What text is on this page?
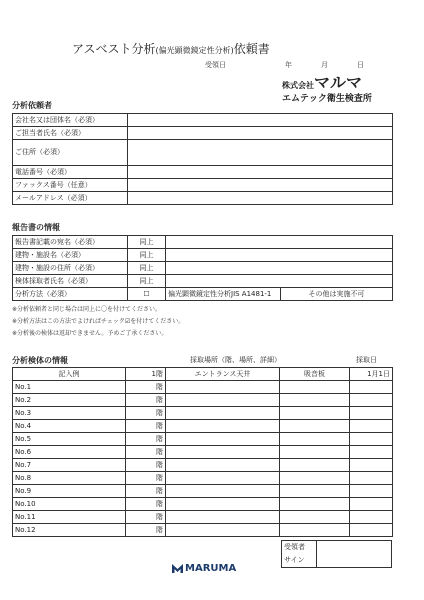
アスベスト分析(偏光顕微鏡定性分析)依頼書
受領日	年	月	日
株式会社マルマ
エムテック衛生検査所
分析依頼者
会社名又は団体名（必須）	
ご担当者氏名（必須）	
ご住所（必須）	
電話番号（必須）	
ファックス番号（任意）	
メールアドレス（必須）	
報告書の情報
報告書記載の宛名（必須）	同上		
建物・施設名（必須）	同上		
建物・施設の住所（必須）	同上		
検体採取者氏名（必須）	同上		
分析方法（必須）	☐	偏光顕微鏡定性分析JIS A1481-1	その他は実施不可
※分析依頼者と同じ場合は同上に〇を付けてください。
※分析方法はこの方法でよければチェック☑を付けてください。
※分析後の検体は返却できません。予めご了承ください。
分析検体の情報	採取場所（階、場所、詳細）	採取日
記入例	1階	エントランス天井	吸音板	1月1日
No.1	階			
No.2	階			
No.3	階			
No.4	階			
No.5	階			
No.6	階			
No.7	階			
No.8	階			
No.9	階			
No.10	階			
No.11	階			
No.12	階			
受領者
サイン

MARUMA
